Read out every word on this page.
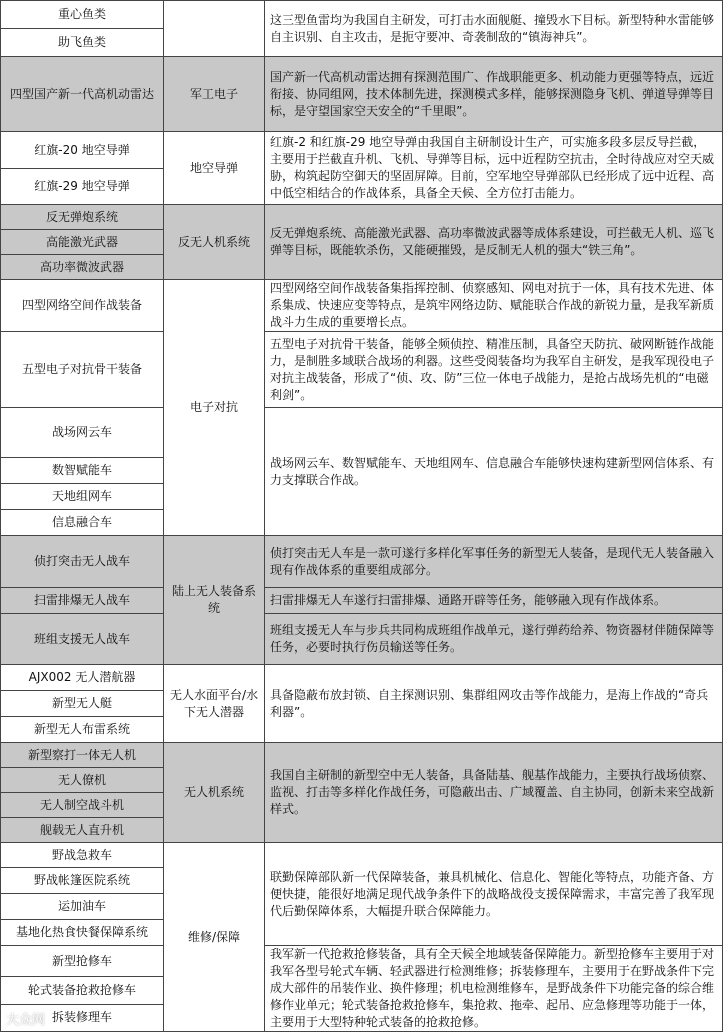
重心鱼类		这三型鱼雷均为我国自主研发，可打击水面舰艇、撞毁水下目标。新型特种水雷能够自主识别、自主攻击，是扼守要冲、奇袭制敌的“镇海神兵”。
助飞鱼类		
四型国产新一代高机动雷达	军工电子	国产新一代高机动雷达拥有探测范围广、作战职能更多、机动能力更强等特点，远近衔接、协同组网，技术体制先进，探测模式多样，能够探测隐身飞机、弹道导弹等目标，是守望国家空天安全的“千里眼”。
红旗-20 地空导弹	地空导弹	红旗-2 和红旗-29 地空导弹由我国自主研制设计生产，可实施多段多层反导拦截，主要用于拦截直升机、飞机、导弹等目标，远中近程防空抗击，全时待战应对空天威胁，构筑起防空御天的坚固屏障。目前，空军地空导弹部队已经形成了远中近程、高中低空相结合的作战体系，具备全天候、全方位打击能力。
红旗-29 地空导弹		
反无弹炮系统	反无人机系统	反无弹炮系统、高能激光武器、高功率微波武器等成体系建设，可拦截无人机、巡飞弹等目标，既能软杀伤，又能硬摧毁，是反制无人机的强大“铁三角”。
高能激光武器		
高功率微波武器		
四型网络空间作战装备	电子对抗	四型网络空间作战装备集指挥控制、侦察感知、网电对抗于一体，具有技术先进、体系集成、快速应变等特点，是筑牢网络边防、赋能联合作战的新锐力量，是我军新质战斗力生成的重要增长点。
五型电子对抗骨干装备		五型电子对抗骨干装备，能够全频侦控、精准压制，具备空天防抗、破网断链作战能力，是制胜多域联合战场的利器。这些受阅装备均为我军自主研发，是我军现役电子对抗主战装备，形成了“侦、攻、防”三位一体电子战能力，是抢占战场先机的“电磁利剑”。
战场网云车		战场网云车、数智赋能车、天地组网车、信息融合车能够快速构建新型网信体系、有力支撑联合作战。
数智赋能车		
天地组网车		
信息融合车		
侦打突击无人战车	陆上无人装备系统	侦打突击无人车是一款可遂行多样化军事任务的新型无人装备，是现代无人装备融入现有作战体系的重要组成部分。
扫雷排爆无人战车		扫雷排爆无人车遂行扫雷排爆、通路开辟等任务，能够融入现有作战体系。
班组支援无人战车		班组支援无人车与步兵共同构成班组作战单元，遂行弹药给养、物资器材伴随保障等任务，必要时执行伤员输送等任务。
AJX002 无人潜航器	无人水面平台/水下无人潜器	具备隐蔽布放封锁、自主探测识别、集群组网攻击等作战能力，是海上作战的“奇兵利器”。
新型无人艇		
新型无人布雷系统		
新型察打一体无人机	无人机系统	我国自主研制的新型空中无人装备，具备陆基、舰基作战能力，主要执行战场侦察、监视、打击等多样化作战任务，可隐蔽出击、广域覆盖、自主协同，创新未来空战新样式。
无人僚机		
无人制空战斗机		
舰载无人直升机		
野战急救车	维修/保障	联勤保障部队新一代保障装备，兼具机械化、信息化、智能化等特点，功能齐备、方便快捷，能很好地满足现代战争条件下的战略战役支援保障需求，丰富完善了我军现代后勤保障体系，大幅提升联合保障能力。
野战帐篷医院系统		
运加油车		
基地化热食快餐保障系统		
新型抢修车		我军新一代抢救抢修装备，具有全天候全地域装备保障能力。新型抢修车主要用于对我军各型号轮式车辆、轻武器进行检测维修；拆装修理车，主要用于在野战条件下完成大部件的吊装作业、换件修理；机电检测维修车，是野战条件下功能完备的综合维修作业单元；轮式装备抢救抢修车，集抢救、拖牵、起吊、应急修理等功能于一体，主要用于大型特种轮式装备的抢救抢修。
轮式装备抢救抢修车		
拆装修理车		
大众网
